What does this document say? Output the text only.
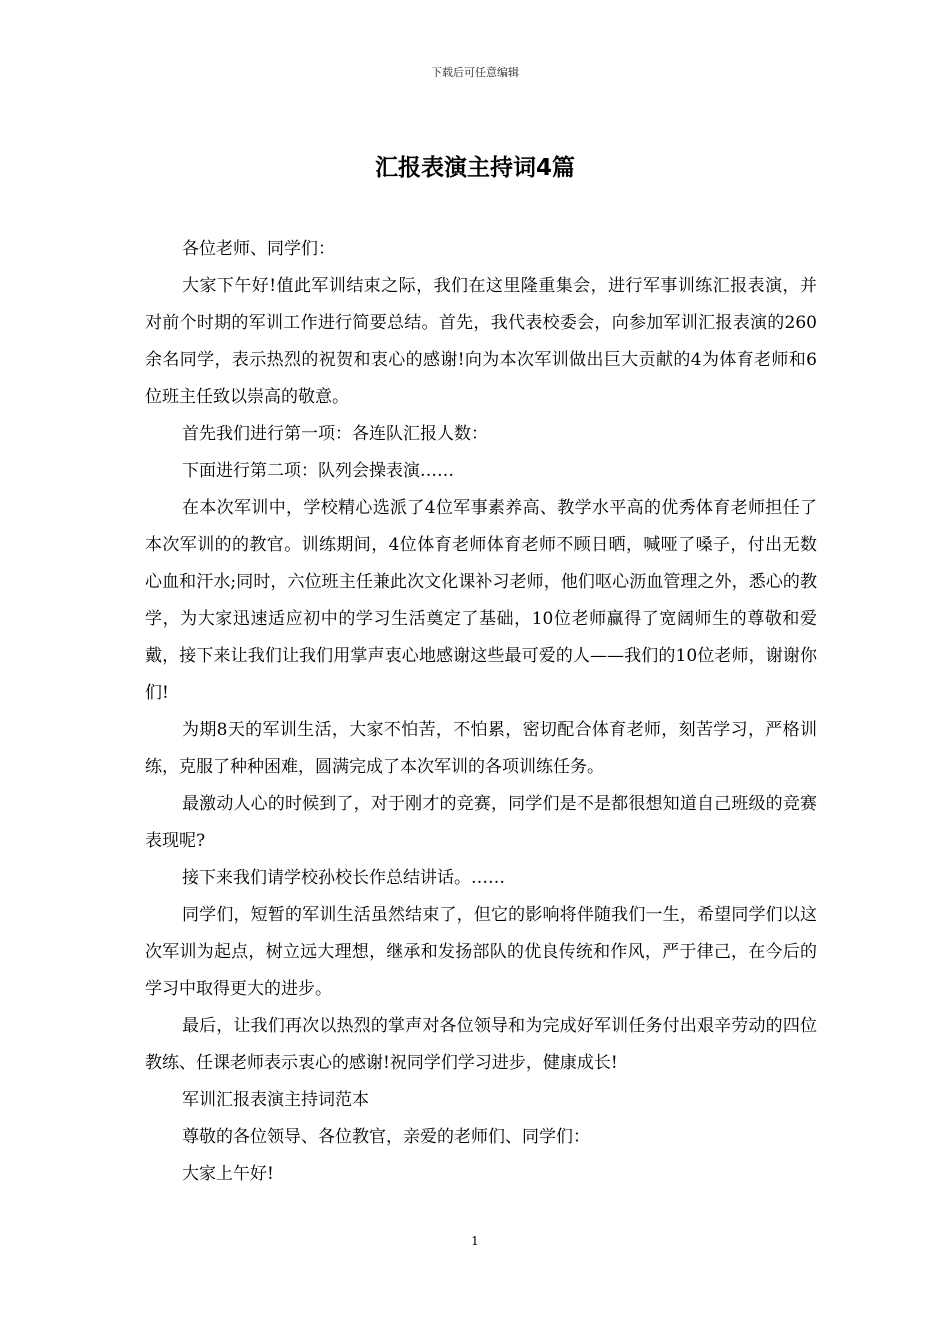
下载后可任意编辑
汇报表演主持词4篇

各位老师、同学们：

大家下午好!值此军训结束之际，我们在这里隆重集会，进行军事训练汇报表演，并对前个时期的军训工作进行简要总结。首先，我代表校委会，向参加军训汇报表演的260余名同学，表示热烈的祝贺和衷心的感谢!向为本次军训做出巨大贡献的4为体育老师和6位班主任致以崇高的敬意。

首先我们进行第一项：各连队汇报人数：

下面进行第二项：队列会操表演……

在本次军训中，学校精心选派了4位军事素养高、教学水平高的优秀体育老师担任了本次军训的的教官。训练期间，4位体育老师体育老师不顾日晒，喊哑了嗓子，付出无数心血和汗水;同时，六位班主任兼此次文化课补习老师，他们呕心沥血管理之外，悉心的教学，为大家迅速适应初中的学习生活奠定了基础，10位老师赢得了宽阔师生的尊敬和爱戴，接下来让我们让我们用掌声衷心地感谢这些最可爱的人——我们的10位老师，谢谢你们!

为期8天的军训生活，大家不怕苦，不怕累，密切配合体育老师，刻苦学习，严格训练，克服了种种困难，圆满完成了本次军训的各项训练任务。

最激动人心的时候到了，对于刚才的竞赛，同学们是不是都很想知道自己班级的竞赛表现呢?

接下来我们请学校孙校长作总结讲话。……

同学们，短暂的军训生活虽然结束了，但它的影响将伴随我们一生，希望同学们以这次军训为起点，树立远大理想，继承和发扬部队的优良传统和作风，严于律己，在今后的学习中取得更大的进步。

最后，让我们再次以热烈的掌声对各位领导和为完成好军训任务付出艰辛劳动的四位教练、任课老师表示衷心的感谢!祝同学们学习进步，健康成长!

军训汇报表演主持词范本

尊敬的各位领导、各位教官，亲爱的老师们、同学们：

大家上午好!

1
